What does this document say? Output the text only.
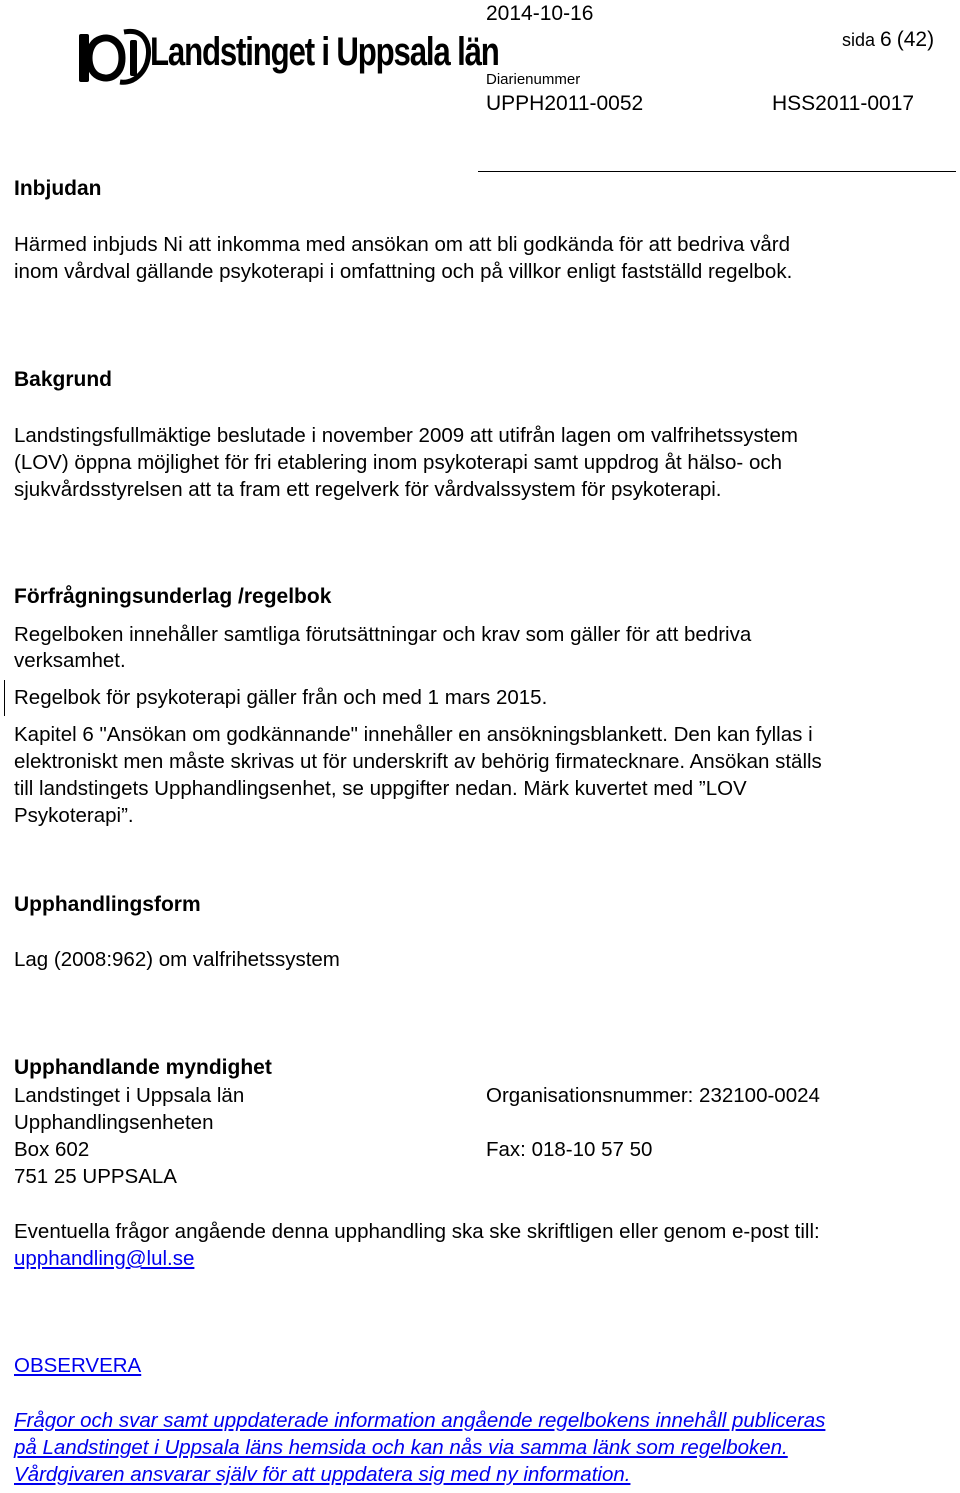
Landstinget i Uppsala län
2014-10-16
sida 6 (42)
Diarienummer
UPPH2011-0052	HSS2011-0017
Inbjudan
Härmed inbjuds Ni att inkomma med ansökan om att bli godkända för att bedriva vård
inom vårdval gällande psykoterapi i omfattning och på villkor enligt fastställd regelbok.
Bakgrund
Landstingsfullmäktige beslutade i november 2009 att utifrån lagen om valfrihetssystem
(LOV) öppna möjlighet för fri etablering inom psykoterapi samt uppdrog åt hälso- och
sjukvårdsstyrelsen att ta fram ett regelverk för vårdvalssystem för psykoterapi.
Förfrågningsunderlag /regelbok
Regelboken innehåller samtliga förutsättningar och krav som gäller för att bedriva
verksamhet.
Regelbok för psykoterapi gäller från och med 1 mars 2015.
Kapitel 6 "Ansökan om godkännande" innehåller en ansökningsblankett. Den kan fyllas i
elektroniskt men måste skrivas ut för underskrift av behörig firmatecknare. Ansökan ställs
till landstingets Upphandlingsenhet, se uppgifter nedan. Märk kuvertet med ”LOV
Psykoterapi”.
Upphandlingsform
Lag (2008:962) om valfrihetssystem
Upphandlande myndighet
Landstinget i Uppsala län	Organisationsnummer: 232100-0024
Upphandlingsenheten
Box 602	Fax: 018-10 57 50
751 25 UPPSALA
Eventuella frågor angående denna upphandling ska ske skriftligen eller genom e-post till:
upphandling@lul.se
OBSERVERA
Frågor och svar samt uppdaterade information angående regelbokens innehåll publiceras
på Landstinget i Uppsala läns hemsida och kan nås via samma länk som regelboken.
Vårdgivaren ansvarar själv för att uppdatera sig med ny information.
